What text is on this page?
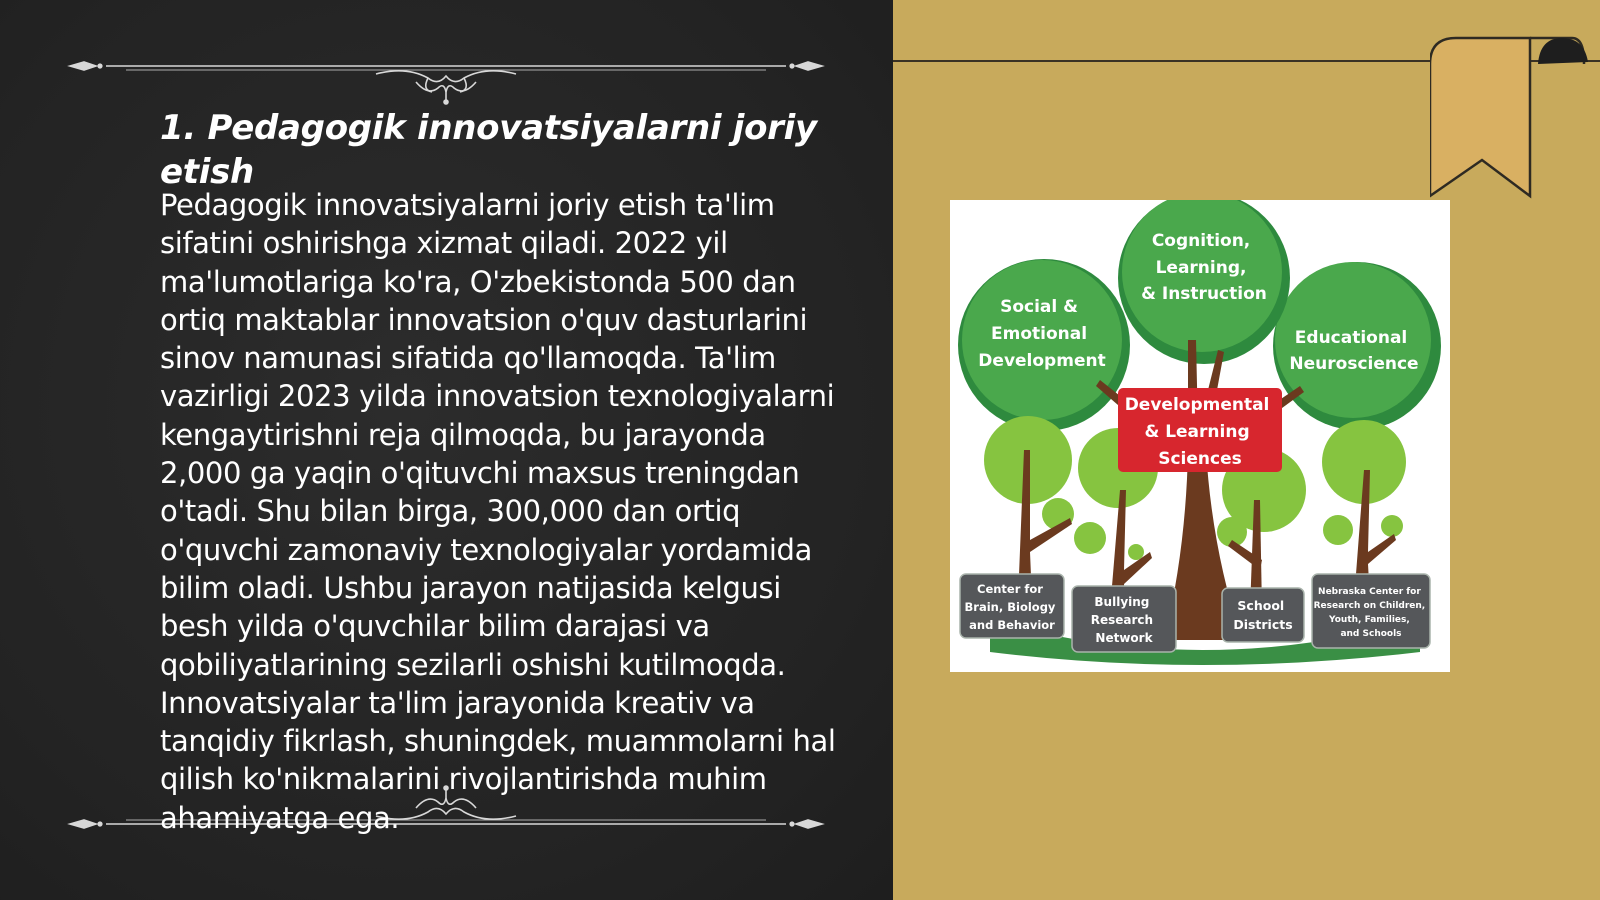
1. Pedagogik innovatsiyalarni joriy etish
Pedagogik innovatsiyalarni joriy etish ta'lim sifatini oshirishga xizmat qiladi. 2022 yil ma'lumotlariga ko'ra, O'zbekistonda 500 dan ortiq maktablar innovatsion o'quv dasturlarini sinov namunasi sifatida qo'llamoqda. Ta'lim vazirligi 2023 yilda innovatsion texnologiyalarni kengaytirishni reja qilmoqda, bu jarayonda 2,000 ga yaqin o'qituvchi maxsus treningdan o'tadi. Shu bilan birga, 300,000 dan ortiq o'quvchi zamonaviy texnologiyalar yordamida bilim oladi. Ushbu jarayon natijasida kelgusi besh yilda o'quvchilar bilim darajasi va qobiliyatlarining sezilarli oshishi kutilmoqda. Innovatsiyalar ta'lim jarayonida kreativ va tanqidiy fikrlash, shuningdek, muammolarni hal qilish ko'nikmalarini rivojlantirishda muhim ahamiyatga ega.
Cognition, Learning, & Instruction
Social & Emotional Development
Educational Neuroscience
Developmental & Learning Sciences
Center for Brain, Biology and Behavior
Bullying Research Network
School Districts
Nebraska Center for Research on Children, Youth, Families, and Schools
